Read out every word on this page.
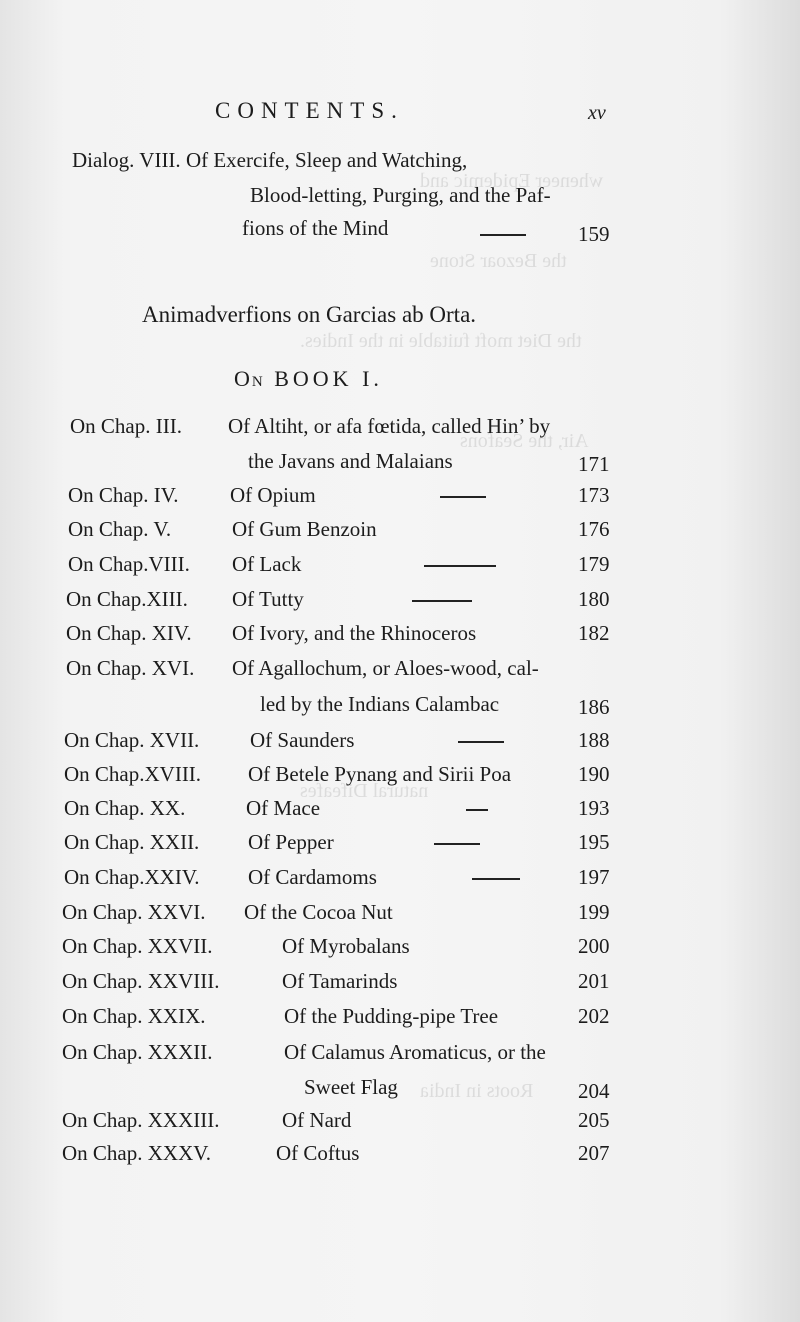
wheneer Epidemic and
the Bezoar Stone
the Diet moft fuitable in the Indies.
Air, the Seafons
natural Difeafes
Roots in India
CONTENTS.	xv
Dialog. VIII. Of Exercife, Sleep and Watching,
Blood-letting, Purging, and the Paf-
fions of the Mind	159
Animadverfions on Garcias ab Orta.
On BOOK I.
On Chap. III. Of Altiht, or afa fœtida, called Hin’ by
the Javans and Malaians	171
On Chap. IV. Of Opium	173
On Chap. V.	Of Gum Benzoin	176
On Chap.VIII. Of Lack	179
On Chap.XIII. Of Tutty	180
On Chap. XIV. Of Ivory, and the Rhinoceros	182
On Chap. XVI. Of Agallochum, or Aloes-wood, cal-
led by the Indians Calambac	186
On Chap. XVII. Of Saunders	188
On Chap.XVIII. Of Betele Pynang and Sirii Poa	190
On Chap. XX.	Of Mace	193
On Chap. XXII. Of Pepper	195
On Chap.XXIV. Of Cardamoms	197
On Chap. XXVI. Of the Cocoa Nut	199
On Chap. XXVII.	Of Myrobalans	200
On Chap. XXVIII.	Of Tamarinds	201
On Chap. XXIX.	Of the Pudding-pipe Tree	202
On Chap. XXXII.	Of Calamus Aromaticus, or the
Sweet Flag	204
On Chap. XXXIII.	Of Nard	205
On Chap. XXXV.	Of Coftus	207
